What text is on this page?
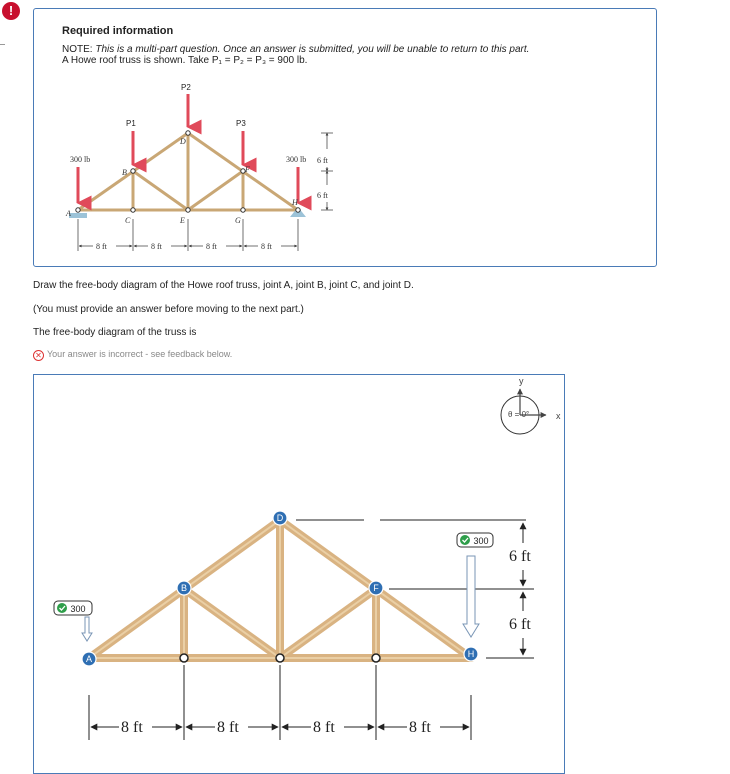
!
Required information
NOTE: This is a multi-part question. Once an answer is submitted, you will be unable to return to this part.
A Howe roof truss is shown. Take P₁ = P₂ = P₃ = 900 lb.
P1
P2
P3
300 lb	300 lb
A
B
C
D
E
F
G
H
6 ft
6 ft
8 ft	8 ft	8 ft	8 ft
Draw the free-body diagram of the Howe roof truss, joint A, joint B, joint C, and joint D.
(You must provide an answer before moving to the next part.)
The free-body diagram of the truss is
✕ Your answer is incorrect - see feedback below.
y
x
θ = 0°
6 ft
6 ft
8 ft	8 ft	8 ft	8 ft
A
B
D
F
H
300
300
